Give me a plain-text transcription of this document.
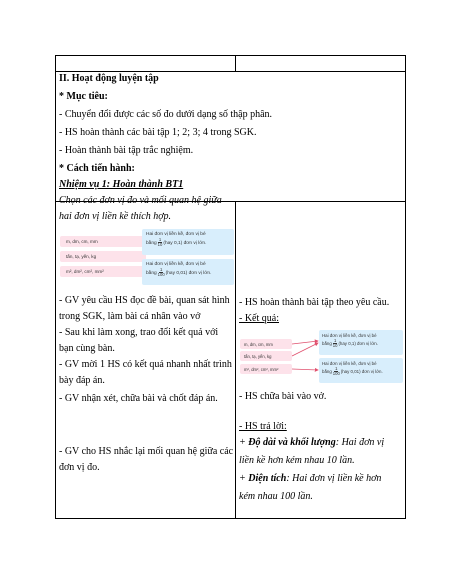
II. Hoạt động luyện tập
* Mục tiêu:
- Chuyển đổi được các số đo dưới dạng số thập phân.
- HS hoàn thành các bài tập 1; 2; 3; 4 trong SGK.
- Hoàn thành bài tập trắc nghiệm.
* Cách tiến hành:
Nhiệm vụ 1: Hoàn thành BT1
Chọn các đơn vị đo và mối quan hệ giữa
hai đơn vị liền kề thích hợp.
m, dm, cm, mm
tấn, tạ, yến, kg
m², dm², cm², mm²
Hai đơn vị liền kề, đơn vị bé
bằng $\frac{1}{10} (hay$ 0,1) đơn vị lớn.
Hai đơn vị liền kề, đơn vị bé
bằng $\frac{1}{100} (hay$ 0,01) đơn vị lớn.
- GV yêu cầu HS đọc đề bài, quan sát hình
trong SGK, làm bài cá nhân vào vở
- Sau khi làm xong, trao đổi kết quả với
bạn cùng bàn.
- GV mời 1 HS có kết quả nhanh nhất trình
bày đáp án.
- GV nhận xét, chữa bài và chốt đáp án.
- GV cho HS nhắc lại mối quan hệ giữa các
đơn vị đo.
- HS hoàn thành bài tập theo yêu cầu.
- Kết quả:
m, dm, cm, mm
tấn, tạ, yến, kg
m², dm², cm², mm²
Hai đơn vị liền kề, đơn vị bé
bằng $\frac{1}{10} (hay$ 0,1) đơn vị lớn.
Hai đơn vị liền kề, đơn vị bé
bằng $\frac{1}{100} (hay$ 0,01) đơn vị lớn.
- HS chữa bài vào vở.
- HS trả lời:
+ Độ dài và khối lượng: Hai đơn vị
liền kề hơn kém nhau 10 lần.
+ Diện tích: Hai đơn vị liền kề hơn
kém nhau 100 lần.
